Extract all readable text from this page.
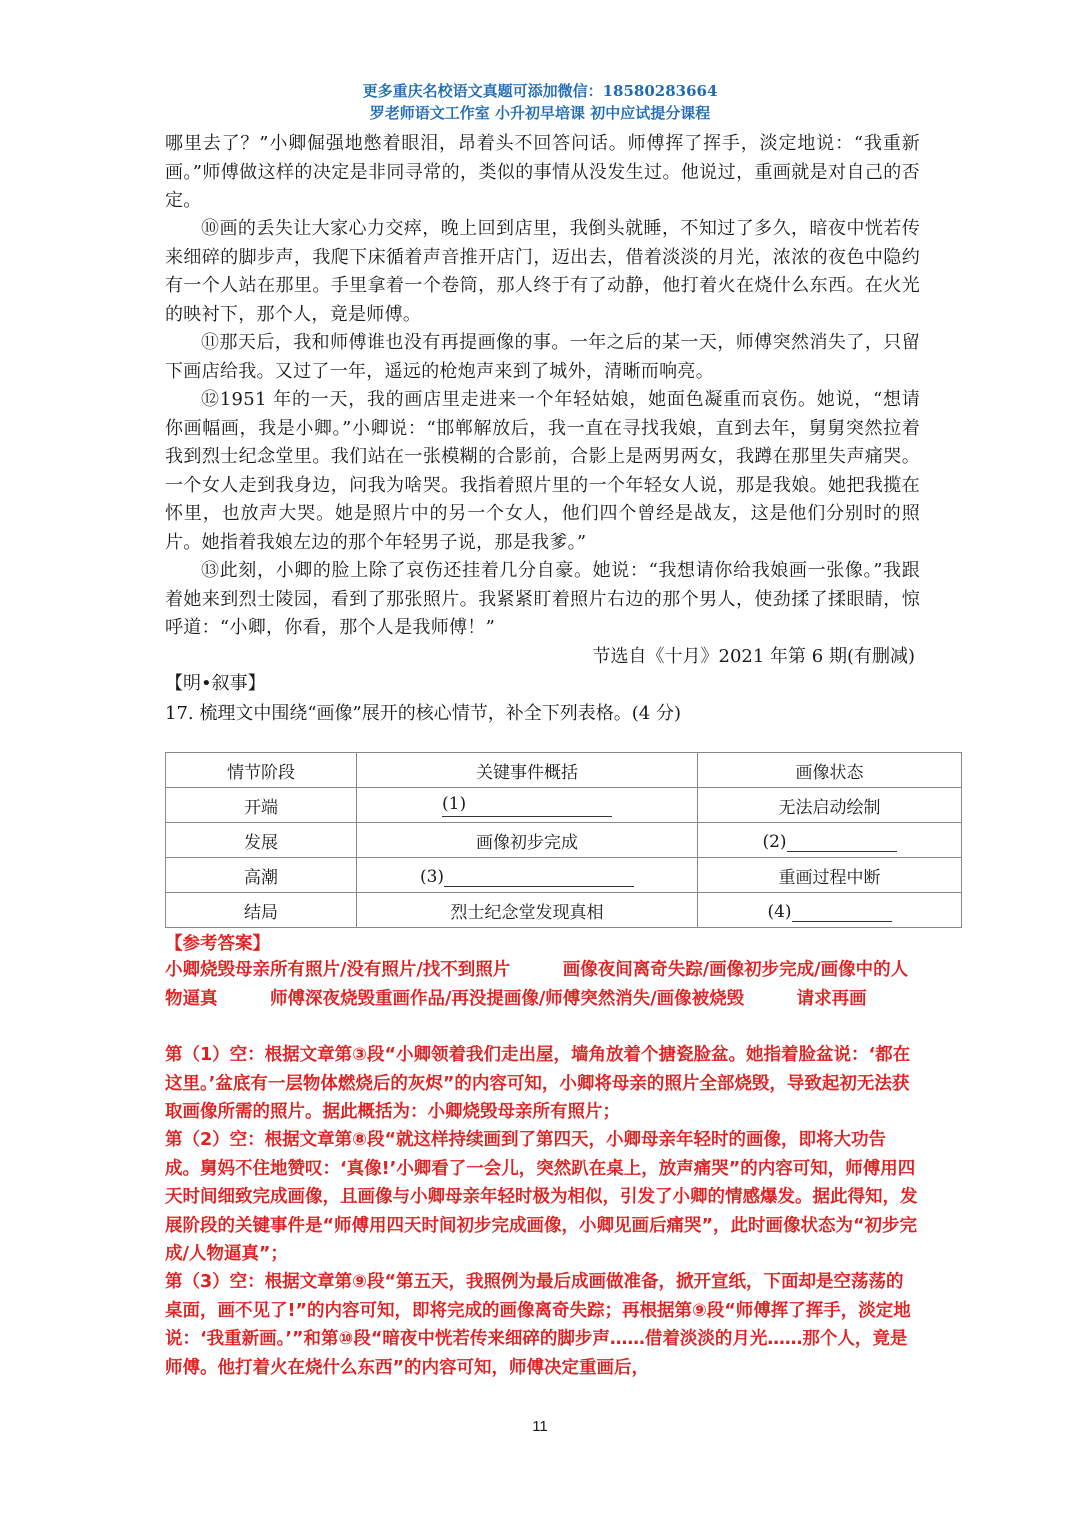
更多重庆名校语文真题可添加微信：18580283664
罗老师语文工作室 小升初早培课 初中应试提分课程
哪里去了？”小卿倔强地憋着眼泪，昂着头不回答问话。师傅挥了挥手，淡定地说：“我重新画。”师傅做这样的决定是非同寻常的，类似的事情从没发生过。他说过，重画就是对自己的否定。
⑩画的丢失让大家心力交瘁，晚上回到店里，我倒头就睡，不知过了多久，暗夜中恍若传来细碎的脚步声，我爬下床循着声音推开店门，迈出去，借着淡淡的月光，浓浓的夜色中隐约有一个人站在那里。手里拿着一个卷筒，那人终于有了动静，他打着火在烧什么东西。在火光的映衬下，那个人，竟是师傅。
⑪那天后，我和师傅谁也没有再提画像的事。一年之后的某一天，师傅突然消失了，只留下画店给我。又过了一年，遥远的枪炮声来到了城外，清晰而响亮。
⑫1951 年的一天，我的画店里走进来一个年轻姑娘，她面色凝重而哀伤。她说，“想请你画幅画，我是小卿。”小卿说：“邯郸解放后，我一直在寻找我娘，直到去年，舅舅突然拉着我到烈士纪念堂里。我们站在一张模糊的合影前，合影上是两男两女，我蹲在那里失声痛哭。一个女人走到我身边，问我为啥哭。我指着照片里的一个年轻女人说，那是我娘。她把我揽在怀里，也放声大哭。她是照片中的另一个女人，他们四个曾经是战友，这是他们分别时的照片。她指着我娘左边的那个年轻男子说，那是我爹。”
⑬此刻，小卿的脸上除了哀伤还挂着几分自豪。她说：“我想请你给我娘画一张像。”我跟着她来到烈士陵园，看到了那张照片。我紧紧盯着照片右边的那个男人，使劲揉了揉眼睛，惊呼道：“小卿，你看，那个人是我师傅！”
节选自《十月》2021 年第 6 期(有删减)
【明•叙事】
17. 梳理文中围绕“画像”展开的核心情节，补全下列表格。(4 分)
情节阶段	关键事件概括	画像状态
开端	(1)	无法启动绘制
发展	画像初步完成	(2)
高潮	(3)	重画过程中断
结局	烈士纪念堂发现真相	(4)
【参考答案】
小卿烧毁母亲所有照片/没有照片/找不到照片　　　画像夜间离奇失踪/画像初步完成/画像中的人物逼真　　　师傅深夜烧毁重画作品/再没提画像/师傅突然消失/画像被烧毁　　　请求再画
第（1）空：根据文章第③段“小卿领着我们走出屋，墙角放着个搪瓷脸盆。她指着脸盆说：‘都在这里。’盆底有一层物体燃烧后的灰烬”的内容可知，小卿将母亲的照片全部烧毁，导致起初无法获取画像所需的照片。据此概括为：小卿烧毁母亲所有照片；
第（2）空：根据文章第⑧段“就这样持续画到了第四天，小卿母亲年轻时的画像，即将大功告成。舅妈不住地赞叹：‘真像!’小卿看了一会儿，突然趴在桌上，放声痛哭”的内容可知，师傅用四天时间细致完成画像，且画像与小卿母亲年轻时极为相似，引发了小卿的情感爆发。据此得知，发展阶段的关键事件是“师傅用四天时间初步完成画像，小卿见画后痛哭”，此时画像状态为“初步完成/人物逼真”；
第（3）空：根据文章第⑨段“第五天，我照例为最后成画做准备，掀开宣纸，下面却是空荡荡的桌面，画不见了!”的内容可知，即将完成的画像离奇失踪；再根据第⑨段“师傅挥了挥手，淡定地说：‘我重新画。’”和第⑩段“暗夜中恍若传来细碎的脚步声……借着淡淡的月光……那个人，竟是师傅。他打着火在烧什么东西”的内容可知，师傅决定重画后，
11
